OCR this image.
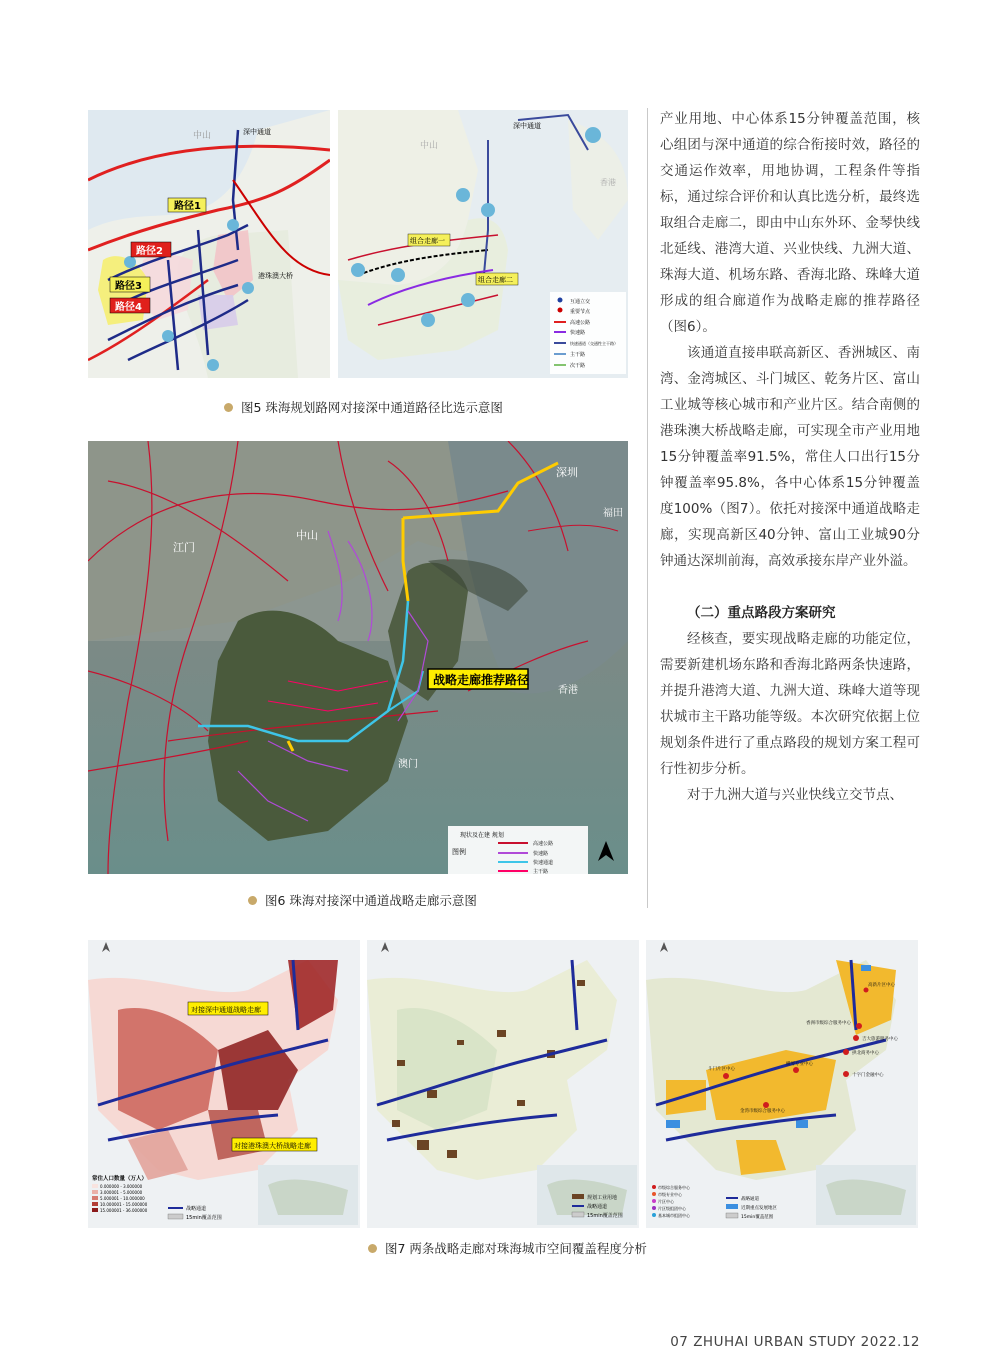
深中通道
港珠澳大桥
路径1
路径2
路径3
路径4
中山
深中通道
中山
香港
组合走廊一
组合走廊二
互通立交
重要节点
高速公路
快速路
快速通道（交通性主干路）
主干路
次干路
图5 珠海规划路网对接深中通道路径比选示意图
江门
中山
深圳
福田
香港
澳门
战略走廊推荐路径
现状及在建 规划
图例
高速公路
快速路
快速通道
主干路
图6 珠海对接深中通道战略走廊示意图
对接深中通道战略走廊
对接港珠澳大桥战略走廊
常住人口数量（万人）
0.000000 - 3.000000
3.000001 - 5.000000
5.000001 - 10.000000
10.000001 - 15.000000
15.000001 - 36.000000	战略通道
15min覆盖范围
规划工业用地
战略通道
15min覆盖范围
高新片区中心
香洲市级综合服务中心
吉大旅游服务中心
拱北商务中心
十字门金融中心
斗门片区中心
金湾市级综合服务中心
横琴专业中心
市级综合服务中心
市级专业中心
片区中心
片区级组团中心
基本城市组团中心
战略通道
近期重点发展地区
15min覆盖范围
图7 两条战略走廊对珠海城市空间覆盖程度分析

产业用地、中心体系15分钟覆盖范围，核心组团与深中通道的综合衔接时效，路径的交通运作效率，用地协调，工程条件等指标，通过综合评价和认真比选分析，最终选取组合走廊二，即由中山东外环、金琴快线北延线、港湾大道、兴业快线、九洲大道、珠海大道、机场东路、香海北路、珠峰大道形成的组合廊道作为战略走廊的推荐路径（图6）。

该通道直接串联高新区、香洲城区、南湾、金湾城区、斗门城区、乾务片区、富山工业城等核心城市和产业片区。结合南侧的港珠澳大桥战略走廊，可实现全市产业用地15分钟覆盖率91.5%，常住人口出行15分钟覆盖率95.8%，各中心体系15分钟覆盖度100%（图7）。依托对接深中通道战略走廊，实现高新区40分钟、富山工业城90分钟通达深圳前海，高效承接东岸产业外溢。

（二）重点路段方案研究

经核查，要实现战略走廊的功能定位，需要新建机场东路和香海北路两条快速路，并提升港湾大道、九洲大道、珠峰大道等现状城市主干路功能等级。本次研究依据上位规划条件进行了重点路段的规划方案工程可行性初步分析。

对于九洲大道与兴业快线立交节点、

07 ZHUHAI URBAN STUDY 2022.12
